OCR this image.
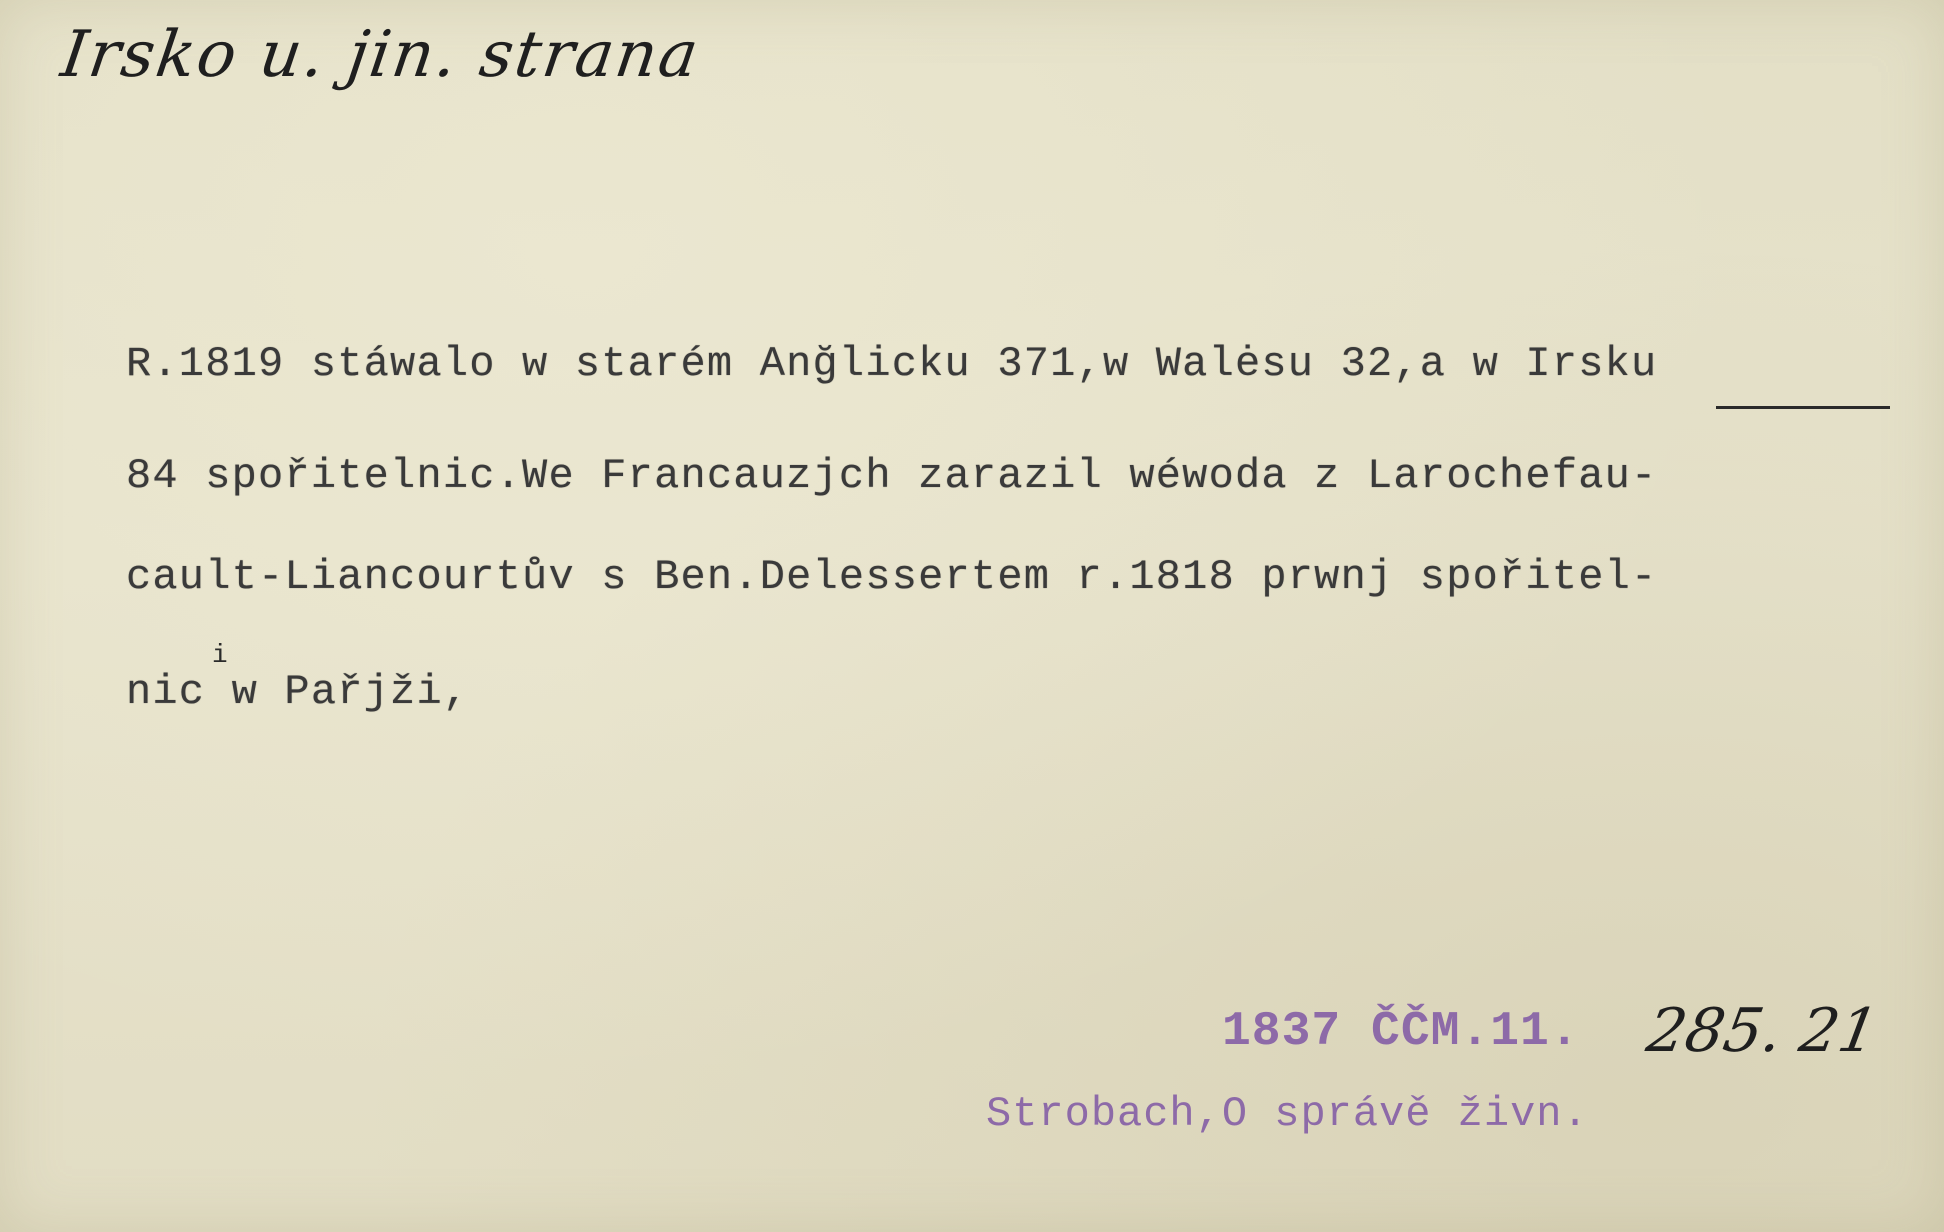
Irsko u. jin. strana
R.1819 stáwalo w starém Anğlicku 371,w Walėsu 32,a w Irsku
84 spořitelnic.We Francauzjch zarazil wéwoda z Larochefau-
cault-Liancourtův s Ben.Delessertem r.1818 prwnj spořitel-
i
nic w Pařjži,
1837 ČČM.11. 285. 21
Strobach,O správě živn.
